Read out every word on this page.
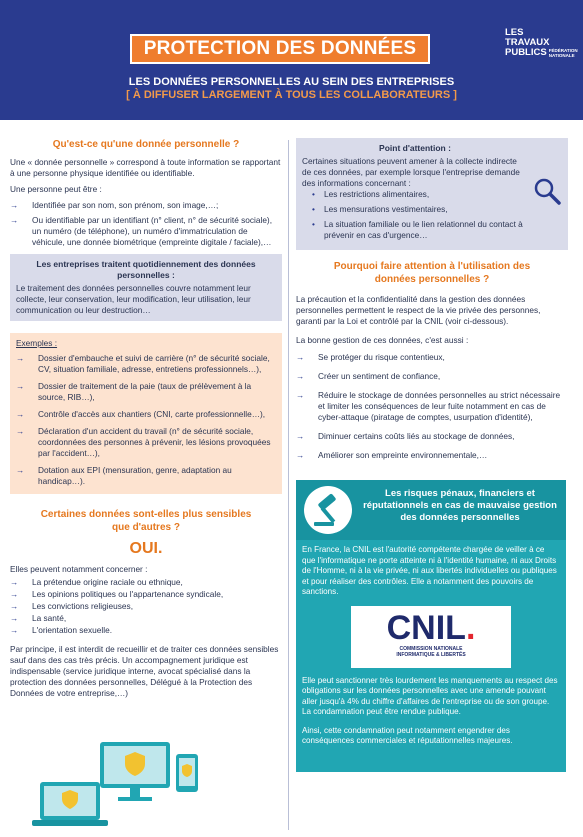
PROTECTION DES DONNÉES
LES DONNÉES PERSONNELLES AU SEIN DES ENTREPRISES
[ À DIFFUSER LARGEMENT À TOUS LES COLLABORATEURS ]
LES TRAVAUX
PUBLICS FÉDÉRATION NATIONALE
Qu'est-ce qu'une donnée personnelle ?

Une « donnée personnelle » correspond à toute information se rapportant à une personne physique identifiée ou identifiable.

Une personne peut être :

→ Identifiée par son nom, son prénom, son image,…;
→ Ou identifiable par un identifiant (n° client, n° de sécurité sociale), un numéro (de téléphone), un numéro d'immatriculation de véhicule, une donnée biométrique (empreinte digitale / faciale),…
Les entreprises traitent quotidiennement des données personnelles :

Le traitement des données personnelles couvre notamment leur collecte, leur conservation, leur modification, leur utilisation, leur communication ou leur destruction…

Exemples :

→ Dossier d'embauche et suivi de carrière (n° de sécurité sociale, CV, situation familiale, adresse, entretiens professionnels…),
→ Dossier de traitement de la paie (taux de prélèvement à la source, RIB…),
→ Contrôle d'accès aux chantiers (CNI, carte professionnelle…),
→ Déclaration d'un accident du travail (n° de sécurité sociale, coordonnées des personnes à prévenir, les lésions provoquées par l'accident…),
→ Dotation aux EPI (mensuration, genre, adaptation au handicap…).
Certaines données sont-elles plus sensibles que d'autres ?
OUI.

Elles peuvent notamment concerner :

→ La prétendue origine raciale ou ethnique,
→ Les opinions politiques ou l'appartenance syndicale,
→ Les convictions religieuses,
→ La santé,
→ L'orientation sexuelle.

Par principe, il est interdit de recueillir et de traiter ces données sensibles sauf dans des cas très précis. Un accompagnement juridique est indispensable (service juridique interne, avocat spécialisé dans la protection des données personnelles, Délégué à la Protection des Données de votre entreprise,…)

Point d'attention :

Certaines situations peuvent amener à la collecte indirecte de ces données, par exemple lorsque l'entreprise demande des informations concernant :

• Les restrictions alimentaires,
• Les mensurations vestimentaires,
• La situation familiale ou le lien relationnel du contact à prévenir en cas d'urgence…
Pourquoi faire attention à l'utilisation des données personnelles ?

La précaution et la confidentialité dans la gestion des données personnelles permettent le respect de la vie privée des personnes, garanti par la Loi et contrôlé par la CNIL (voir ci-dessous).

La bonne gestion de ces données, c'est aussi :

→ Se protéger du risque contentieux,
→ Créer un sentiment de confiance,
→ Réduire le stockage de données personnelles au strict nécessaire et limiter les conséquences de leur fuite notamment en cas de cyber-attaque (piratage de comptes, usurpation d'identité),
→ Diminuer certains coûts liés au stockage de données,
→ Améliorer son empreinte environnementale,…
Les risques pénaux, financiers et réputationnels en cas de mauvaise gestion des données personnelles

En France, la CNIL est l'autorité compétente chargée de veiller à ce que l'informatique ne porte atteinte ni à l'identité humaine, ni aux Droits de l'Homme, ni à la vie privée, ni aux libertés individuelles ou publiques et pour réaliser des contrôles. Elle a notamment des pouvoirs de sanctions.

CNIL.
COMMISSION NATIONALE
INFORMATIQUE & LIBERTÉS

Elle peut sanctionner très lourdement les manquements au respect des obligations sur les données personnelles avec une amende pouvant aller jusqu'à 4% du chiffre d'affaires de l'entreprise ou de son groupe. La condamnation peut être rendue publique.

Ainsi, cette condamnation peut notamment engendrer des conséquences commerciales et réputationnelles majeures.
